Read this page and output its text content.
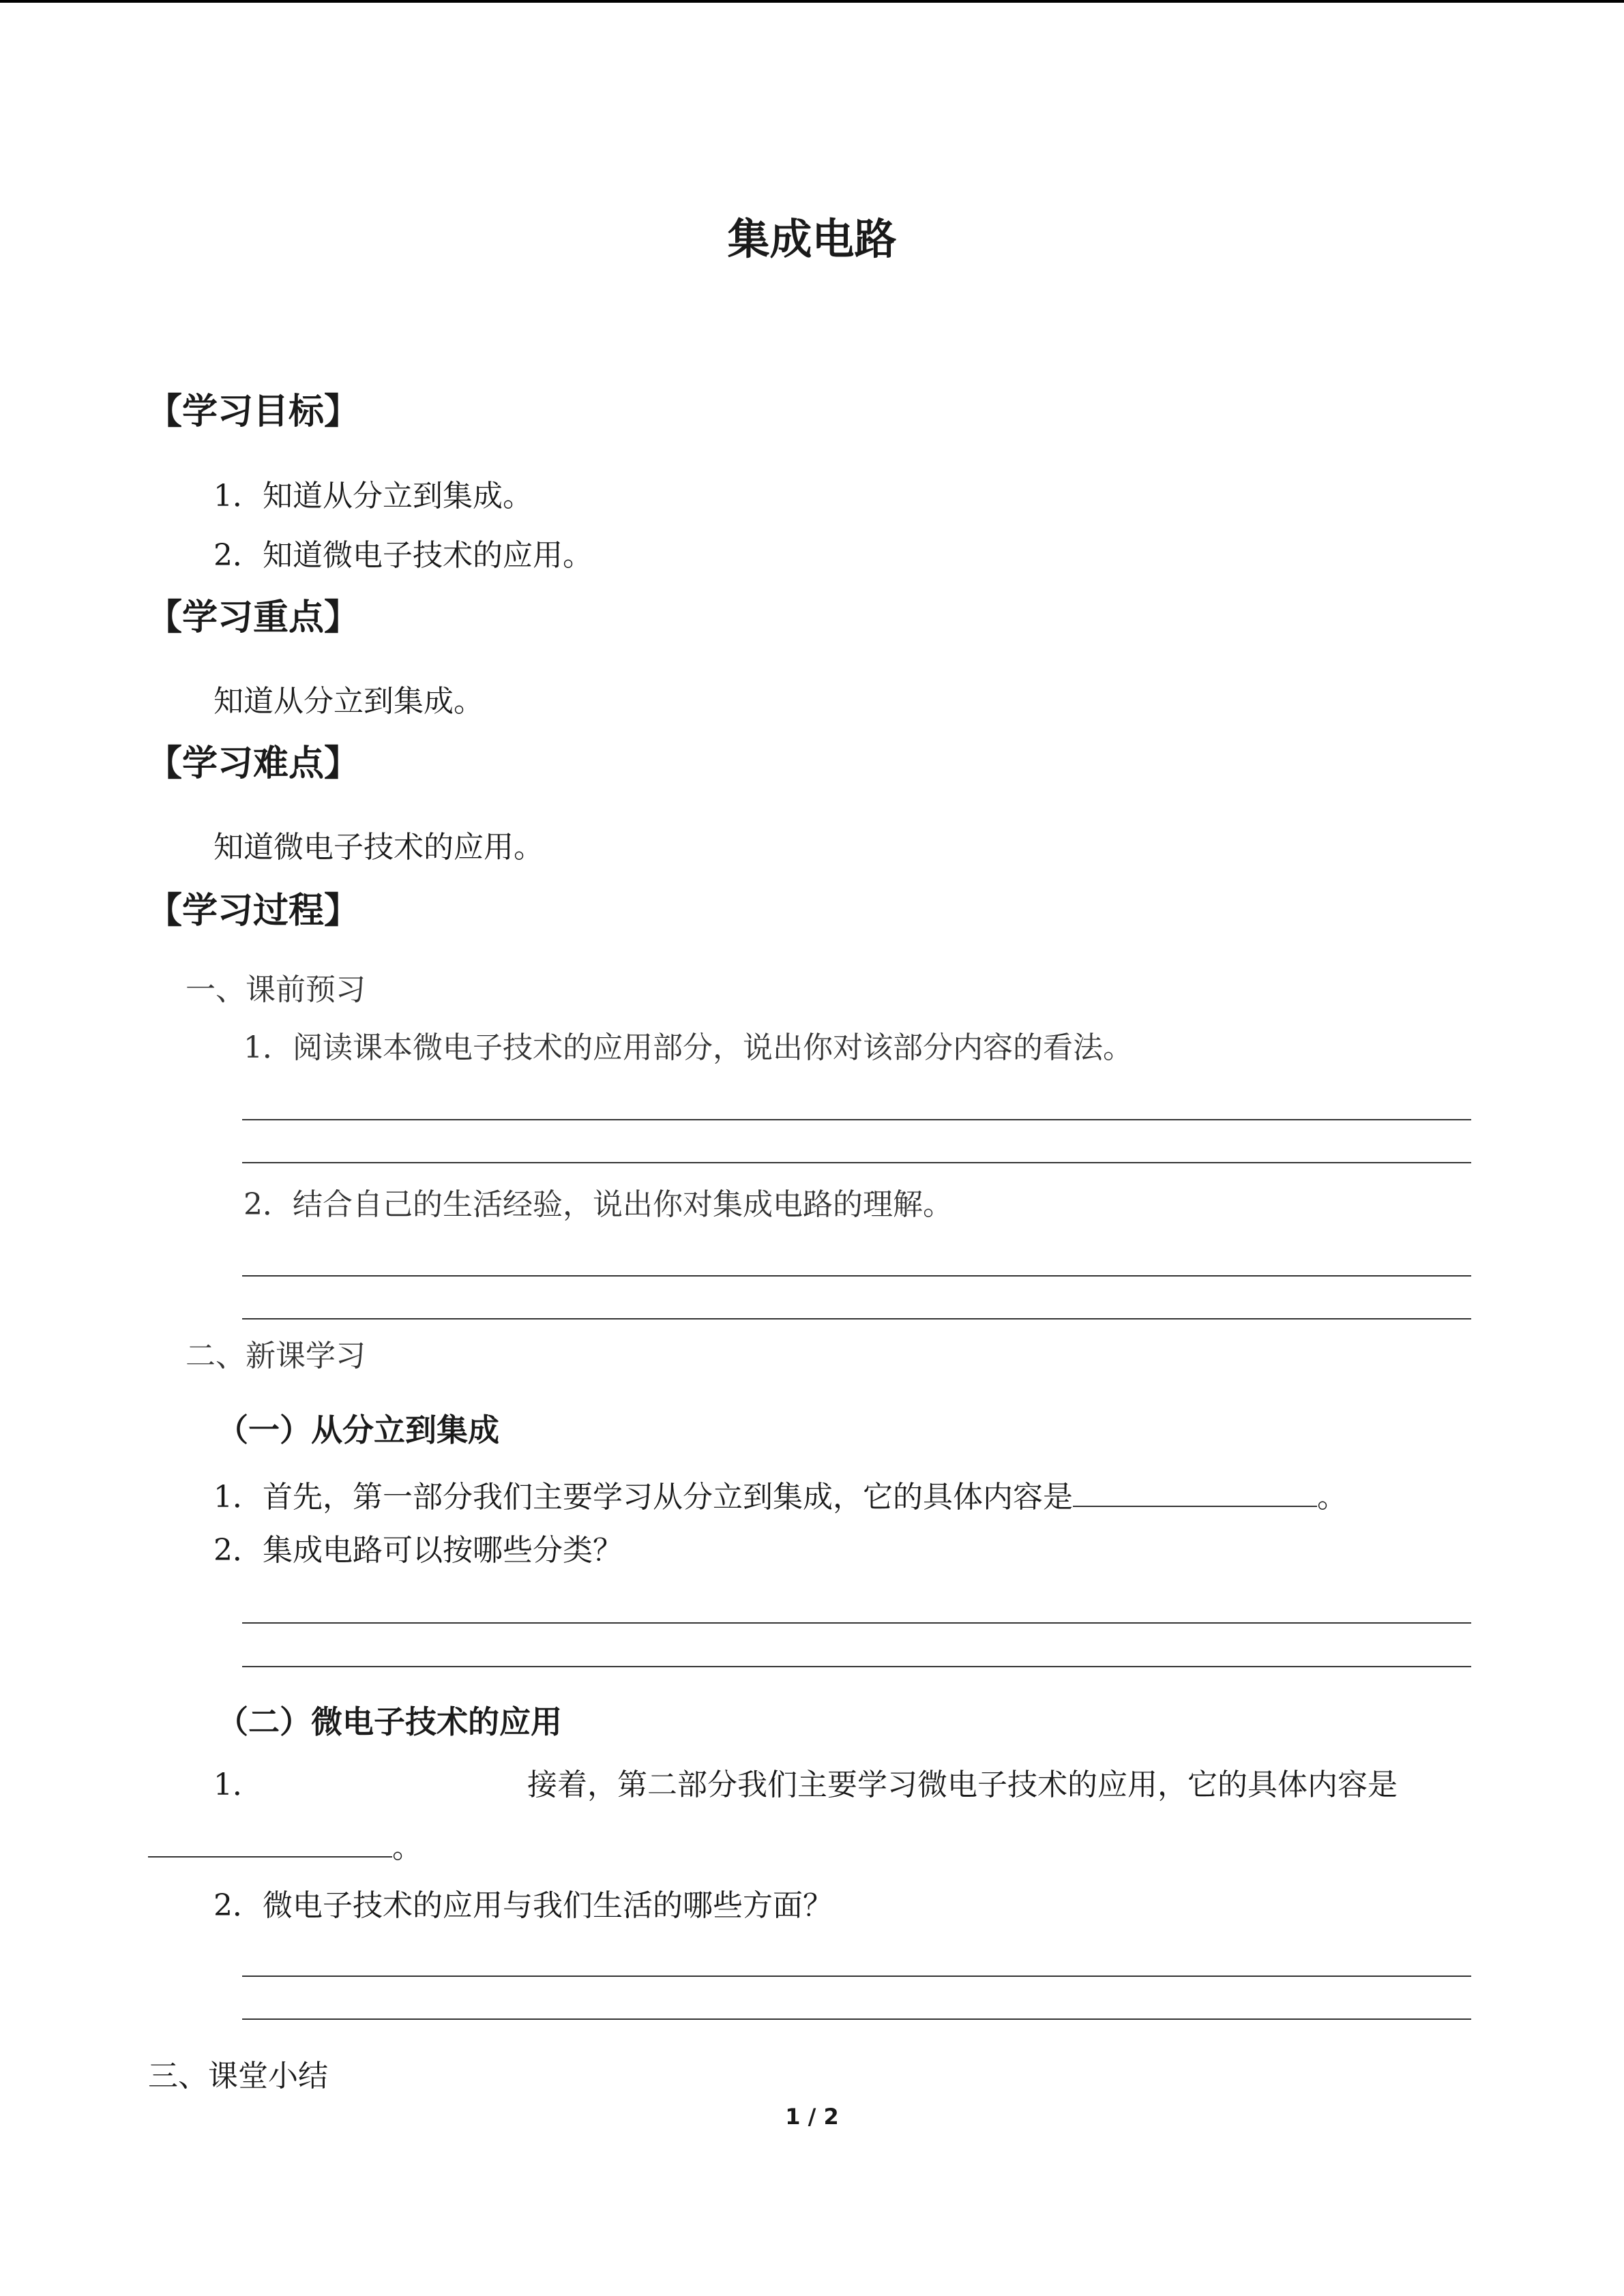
集成电路
【学习目标】
1．知道从分立到集成。
2．知道微电子技术的应用。
【学习重点】
知道从分立到集成。
【学习难点】
知道微电子技术的应用。
【学习过程】
一、课前预习
1．阅读课本微电子技术的应用部分，说出你对该部分内容的看法。
2．结合自己的生活经验，说出你对集成电路的理解。
二、新课学习
（一）从分立到集成
1．首先，第一部分我们主要学习从分立到集成，它的具体内容是	。
2．集成电路可以按哪些分类？
（二）微电子技术的应用
1．	接着，第二部分我们主要学习微电子技术的应用，它的具体内容是
。
2．微电子技术的应用与我们生活的哪些方面？
三、课堂小结
1 / 2
